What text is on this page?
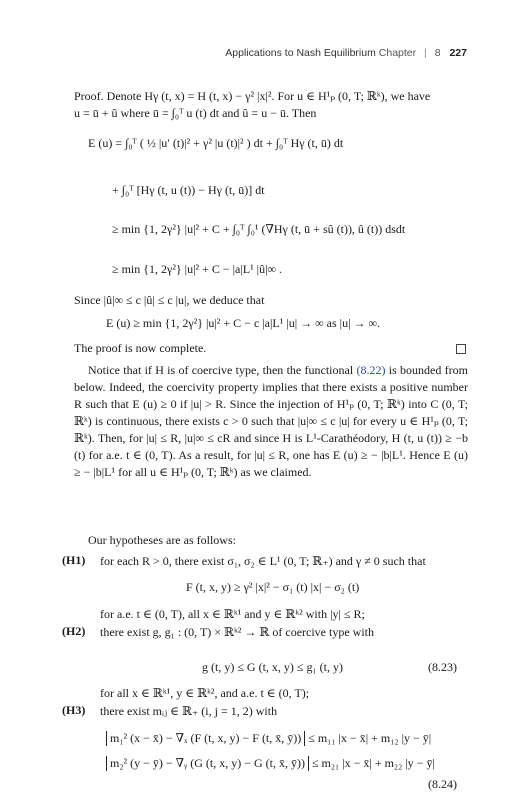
Applications to Nash Equilibrium Chapter | 8 227
Proof. Denote Hγ (t, x) = H (t, x) − γ² |x|². For u ∈ H¹ₚ (0, T; ℝᵏ), we have
u = ū + û where ū = ∫₀ᵀ u (t) dt and û = u − ū. Then
E (u) = ∫₀ᵀ ( ½ |u′ (t)|² + γ² |u (t)|² ) dt + ∫₀ᵀ Hγ (t, ū) dt
+ ∫₀ᵀ [Hγ (t, u (t)) − Hγ (t, ū)] dt
≥ min {1, 2γ²} |u|² + C + ∫₀ᵀ ∫₀¹ (∇Hγ (t, ū + sû (t)), û (t)) dsdt
≥ min {1, 2γ²} |u|² + C − |a|L¹ |û|∞ .
Since |û|∞ ≤ c |û| ≤ c |u|, we deduce that
E (u) ≥ min {1, 2γ²} |u|² + C − c |a|L¹ |u| → ∞ as |u| → ∞.
The proof is now complete.
Notice that if H is of coercive type, then the functional (8.22) is bounded from below. Indeed, the coercivity property implies that there exists a positive number R such that E (u) ≥ 0 if |u| > R. Since the injection of H¹ₚ (0, T; ℝᵏ) into C (0, T; ℝᵏ) is continuous, there exists c > 0 such that |u|∞ ≤ c |u| for every u ∈ H¹ₚ (0, T; ℝᵏ). Then, for |u| ≤ R, |u|∞ ≤ cR and since H is L¹-Carathéodory, H (t, u (t)) ≥ −b (t) for a.e. t ∈ (0, T). As a result, for |u| ≤ R, one has E (u) ≥ − |b|L¹. Hence E (u) ≥ − |b|L¹ for all u ∈ H¹ₚ (0, T; ℝᵏ) as we claimed.
Our hypotheses are as follows:
(H1) for each R > 0, there exist σ₁, σ₂ ∈ L¹ (0, T; ℝ₊) and γ ≠ 0 such that
F (t, x, y) ≥ γ² |x|² − σ₁ (t) |x| − σ₂ (t)
for a.e. t ∈ (0, T), all x ∈ ℝᵏ¹ and y ∈ ℝᵏ² with |y| ≤ R;
(H2) there exist g, g₁ : (0, T) × ℝᵏ² → ℝ of coercive type with
g (t, y) ≤ G (t, x, y) ≤ g₁ (t, y)	(8.23)
for all x ∈ ℝᵏ¹, y ∈ ℝᵏ², and a.e. t ∈ (0, T);
(H3) there exist mᵢⱼ ∈ ℝ₊ (i, j = 1, 2) with
m₁² (x − x̄) − ∇ₓ (F (t, x, y) − F (t, x̄, ȳ)) ≤ m₁₁ |x − x̄| + m₁₂ |y − ȳ|
m₂² (y − ȳ) − ∇ᵧ (G (t, x, y) − G (t, x̄, ȳ)) ≤ m₂₁ |x − x̄| + m₂₂ |y − ȳ|
(8.24)
